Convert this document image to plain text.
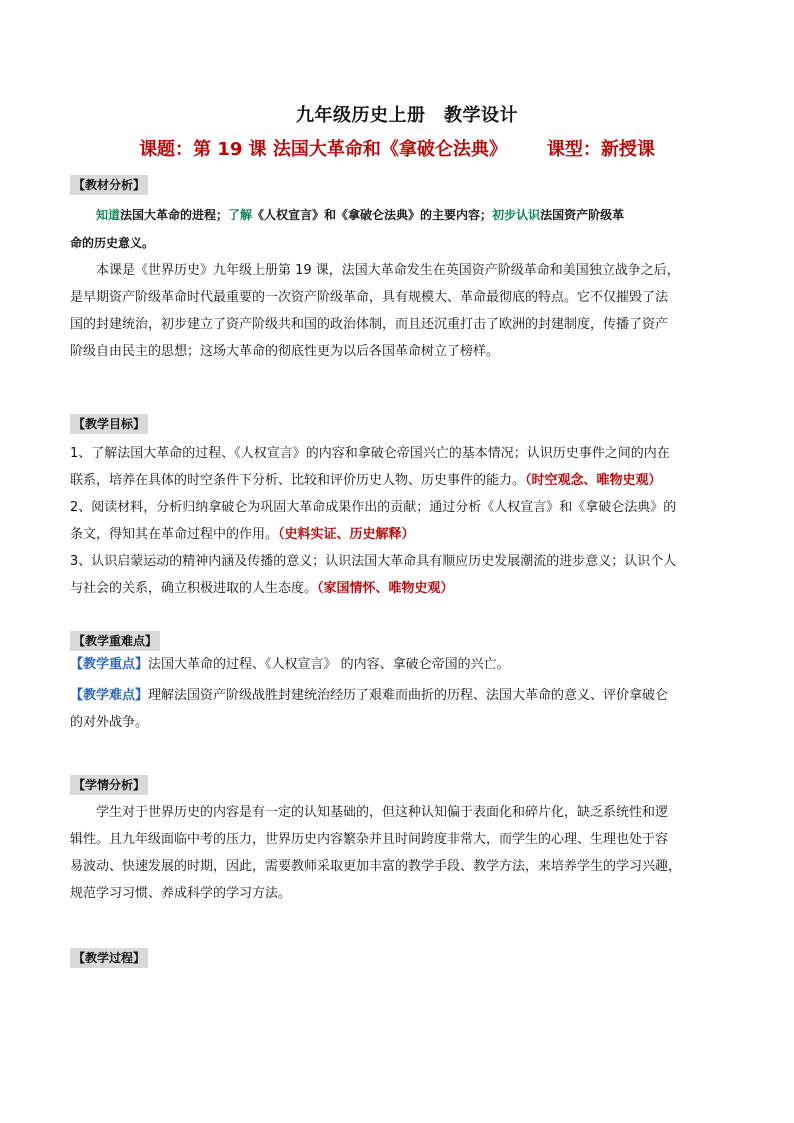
九年级历史上册　教学设计
课题：第 19 课 法国大革命和《拿破仑法典》 课型：新授课
【教材分析】

知道法国大革命的进程；了解《人权宣言》和《拿破仑法典》的主要内容；初步认识法国资产阶级革

命的历史意义。

本课是《世界历史》九年级上册第 19 课，法国大革命发生在英国资产阶级革命和美国独立战争之后，

是早期资产阶级革命时代最重要的一次资产阶级革命，具有规模大、革命最彻底的特点。它不仅摧毁了法

国的封建统治，初步建立了资产阶级共和国的政治体制，而且还沉重打击了欧洲的封建制度，传播了资产

阶级自由民主的思想；这场大革命的彻底性更为以后各国革命树立了榜样。

【教学目标】

1、了解法国大革命的过程、《人权宣言》的内容和拿破仑帝国兴亡的基本情况；认识历史事件之间的内在

联系，培养在具体的时空条件下分析、比较和评价历史人物、历史事件的能力。（时空观念、唯物史观）

2、阅读材料，分析归纳拿破仑为巩固大革命成果作出的贡献；通过分析《人权宣言》和《拿破仑法典》的

条文，得知其在革命过程中的作用。（史料实证、历史解释）

3、认识启蒙运动的精神内涵及传播的意义；认识法国大革命具有顺应历史发展潮流的进步意义；认识个人

与社会的关系，确立积极进取的人生态度。（家国情怀、唯物史观）

【教学重难点】

【教学重点】法国大革命的过程、《人权宣言》 的内容、拿破仑帝国的兴亡。

【教学难点】理解法国资产阶级战胜封建统治经历了艰难而曲折的历程、法国大革命的意义、评价拿破仑

的对外战争。

【学情分析】

学生对于世界历史的内容是有一定的认知基础的，但这种认知偏于表面化和碎片化，缺乏系统性和逻

辑性。且九年级面临中考的压力，世界历史内容繁杂并且时间跨度非常大，而学生的心理、生理也处于容

易波动、快速发展的时期，因此，需要教师采取更加丰富的教学手段、教学方法，来培养学生的学习兴趣，

规范学习习惯、养成科学的学习方法。

【教学过程】
